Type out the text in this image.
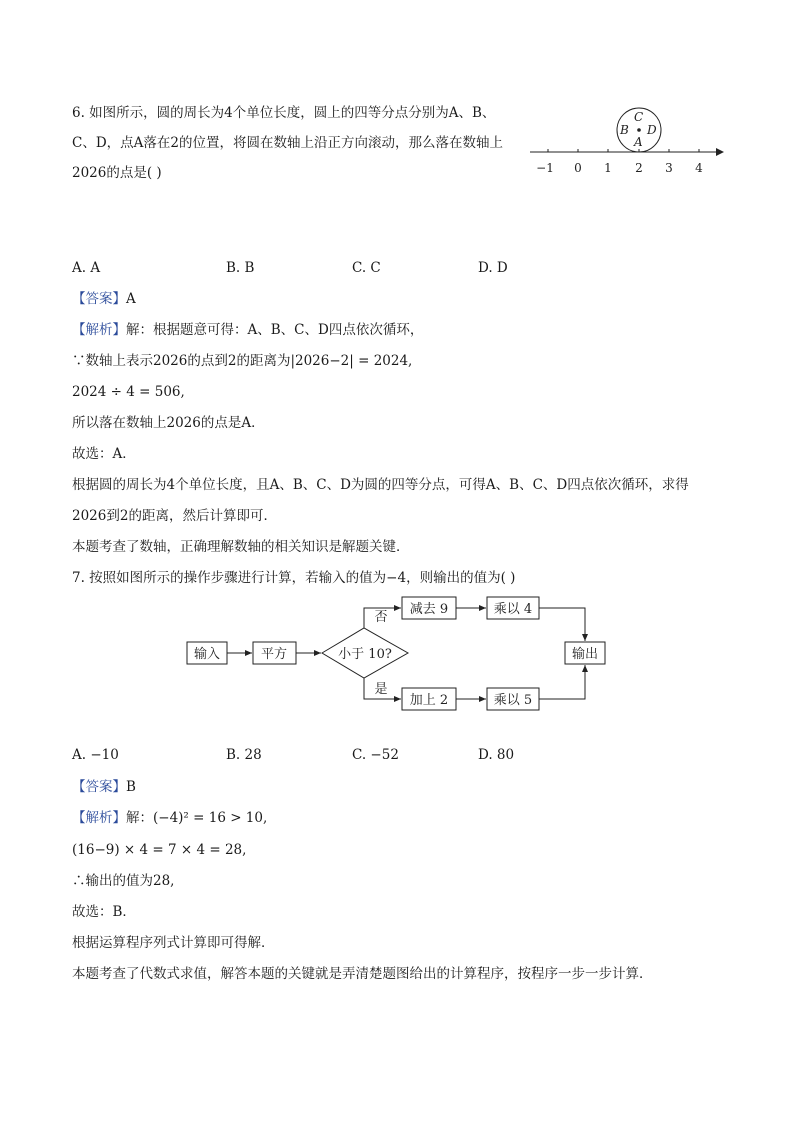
6. 如图所示，圆的周长为4个单位长度，圆上的四等分点分别为A、B、
C、D，点A落在2的位置，将圆在数轴上沿正方向滚动，那么落在数轴上
2026的点是( )
C
B D
A
−1 0 1 2 3 4
A. A	B. B	C. C	D. D
【答案】A
【解析】解：根据题意可得：A、B、C、D四点依次循环，
∵数轴上表示2026的点到2的距离为|2026−2| = 2024,
2024 ÷ 4 = 506,
所以落在数轴上2026的点是A．
故选：A．
根据圆的周长为4个单位长度，且A、B、C、D为圆的四等分点，可得A、B、C、D四点依次循环，求得
2026到2的距离，然后计算即可．
本题考查了数轴，正确理解数轴的相关知识是解题关键．
7. 按照如图所示的操作步骤进行计算，若输入的值为−4，则输出的值为( )
输入	平方	小于 10?
减去 9	乘以 4
加上 2	乘以 5
输出
否
是
A. −10	B. 28	C. −52	D. 80
【答案】B
【解析】解：(−4)² = 16 > 10,
(16−9) × 4 = 7 × 4 = 28,
∴输出的值为28,
故选：B．
根据运算程序列式计算即可得解．
本题考查了代数式求值，解答本题的关键就是弄清楚题图给出的计算程序，按程序一步一步计算．
